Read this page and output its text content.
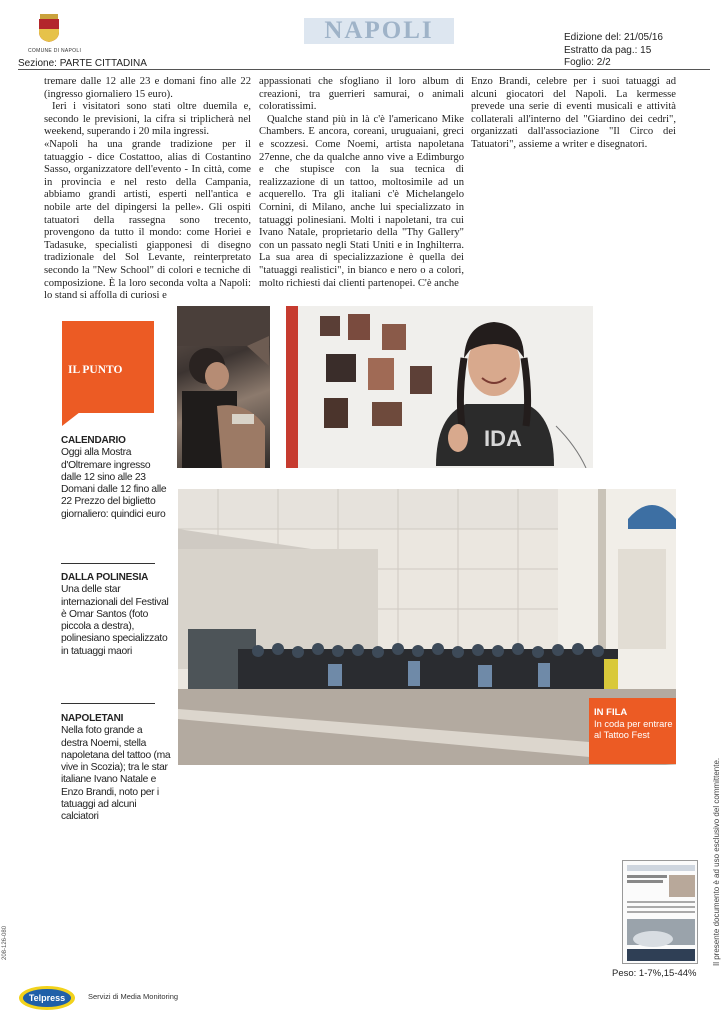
COMUNE DI NAPOLI
NAPOLI
Sezione: PARTE CITTADINA
Edizione del: 21/05/16
Estratto da pag.: 15
Foglio: 2/2

tremare dalle 12 alle 23 e domani fino alle 22 (ingresso giornaliero 15 euro).

Ieri i visitatori sono stati oltre duemila e, secondo le previsioni, la cifra si triplicherà nel weekend, superando i 20 mila ingressi.

«Napoli ha una grande tradizione per il tatuaggio - dice Costattoo, alias di Costantino Sasso, organizzatore dell'evento - In città, come in provincia e nel resto della Campania, abbiamo grandi artisti, esperti nell'antica e nobile arte del dipingersi la pelle». Gli ospiti tatuatori della rassegna sono trecento, provengono da tutto il mondo: come Horiei e Tadasuke, specialisti giapponesi di disegno tradizionale del Sol Levante, reinterpretato secondo la "New School" di colori e tecniche di composizione. È la loro seconda volta a Napoli: lo stand si affolla di curiosi e

appassionati che sfogliano il loro album di creazioni, tra guerrieri samurai, o animali coloratissimi.

Qualche stand più in là c'è l'americano Mike Chambers. E ancora, coreani, uruguaiani, greci e scozzesi. Come Noemi, artista napoletana 27enne, che da qualche anno vive a Edimburgo e che stupisce con la sua tecnica di realizzazione di un tattoo, moltosimile ad un acquerello. Tra gli italiani c'è Michelangelo Cornini, di Milano, anche lui specializzato in tatuaggi polinesiani. Molti i napoletani, tra cui Ivano Natale, proprietario della "Thy Gallery" con un passato negli Stati Uniti e in Inghilterra. La sua area di specializzazione è quella dei "tatuaggi realistici", in bianco e nero o a colori, molto richiesti dai clienti partenopei. C'è anche

Enzo Brandi, celebre per i suoi tatuaggi ad alcuni giocatori del Napoli. La kermesse prevede una serie di eventi musicali e attività collaterali all'interno del "Giardino dei cedri", organizzati dall'associazione "Il Circo dei Tatuatori", assieme a writer e disegnatori.

IL PUNTO
CALENDARIO
Oggi alla Mostra d'Oltremare ingresso dalle 12 sino alle 23 Domani dalle 12 fino alle 22 Prezzo del biglietto giornaliero: quindici euro
DALLA POLINESIA
Una delle star internazionali del Festival è Omar Santos (foto piccola a destra), polinesiano specializzato in tatuaggi maori
NAPOLETANI
Nella foto grande a destra Noemi, stella napoletana del tattoo (ma vive in Scozia); tra le star italiane Ivano Natale e Enzo Brandi, noto per i tatuaggi ad alcuni calciatori
IDA
IN FILA
In coda per entrare al Tattoo Fest
Peso: 1-7%,15-44%
Telpress	Servizi di Media Monitoring
208-126-080	Il presente documento è ad uso esclusivo del committente.
